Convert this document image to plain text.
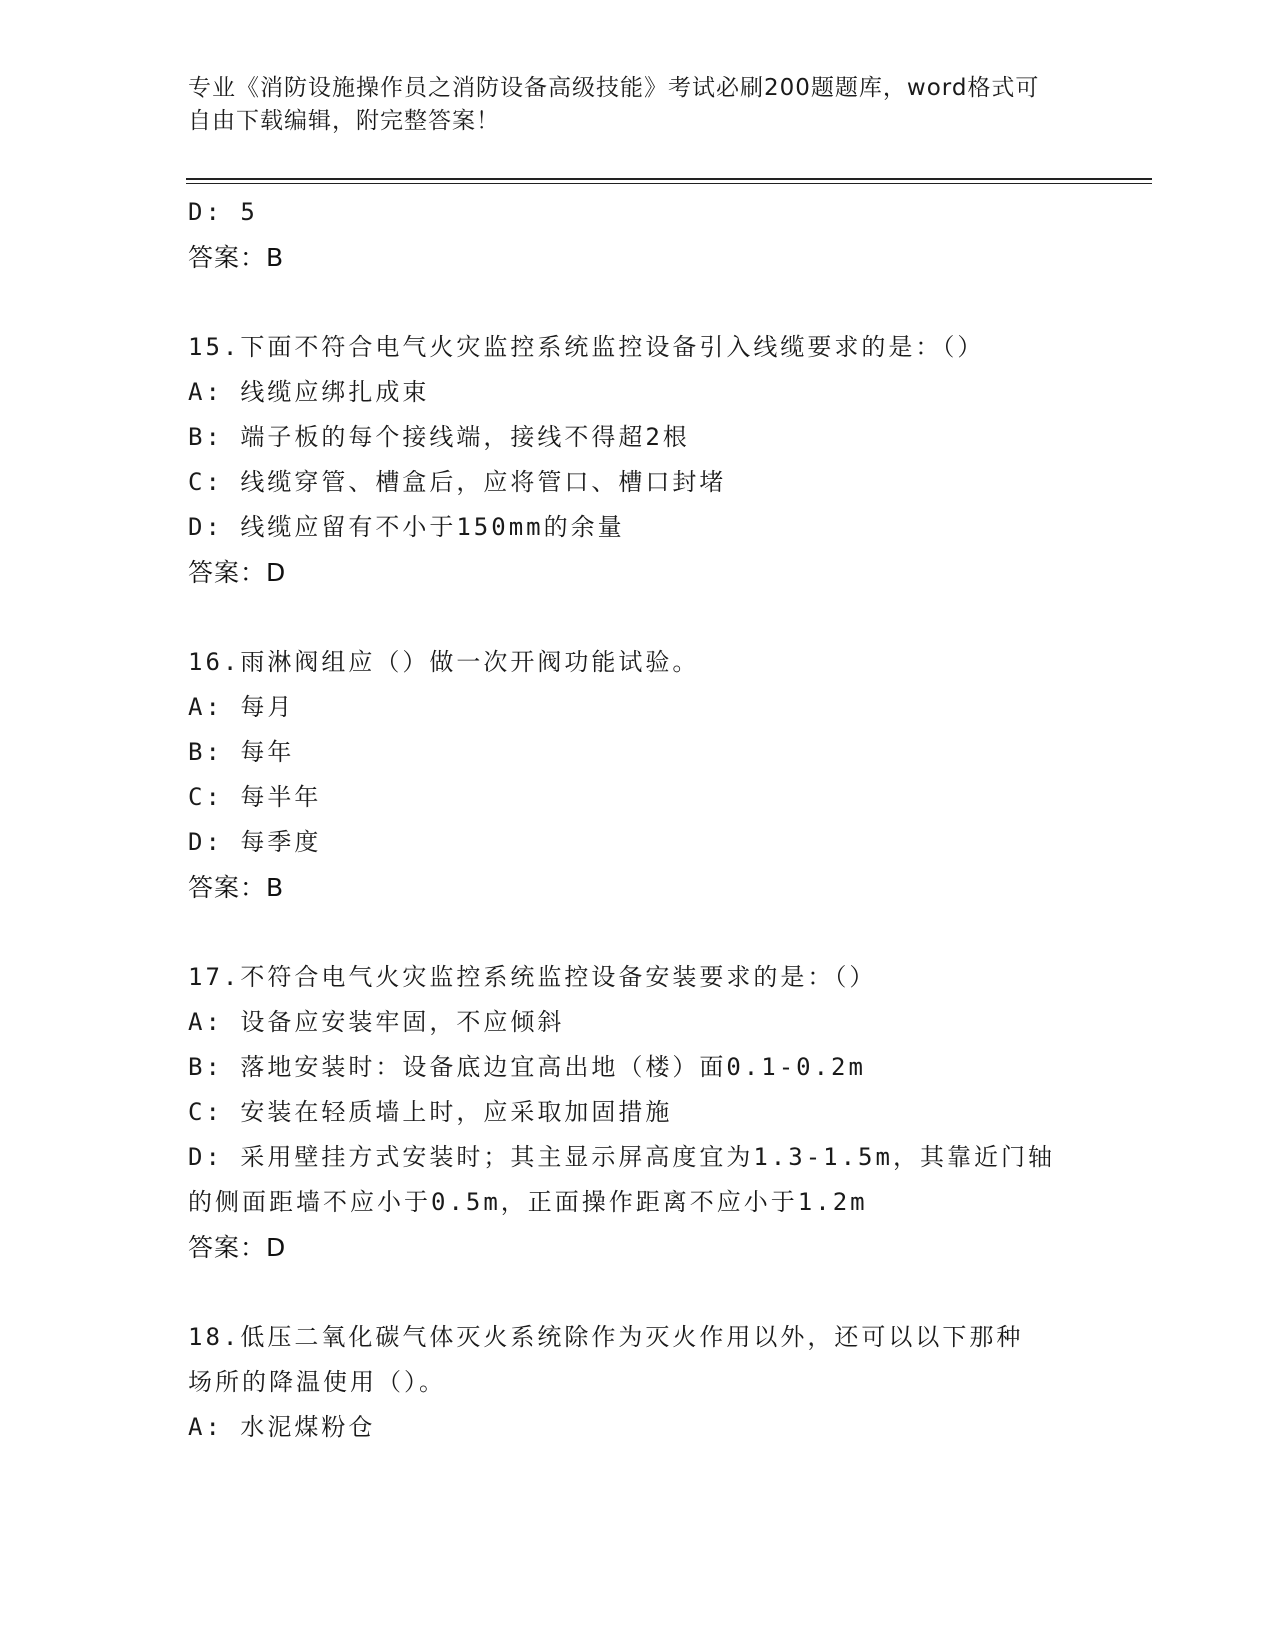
专业《消防设施操作员之消防设备高级技能》考试必刷200题题库，word格式可
自由下载编辑，附完整答案！
D: 5
答案：B
15.下面不符合电气火灾监控系统监控设备引入线缆要求的是：（）
A: 线缆应绑扎成束
B: 端子板的每个接线端，接线不得超2根
C: 线缆穿管、槽盒后，应将管口、槽口封堵
D: 线缆应留有不小于150mm的余量
答案：D
16.雨淋阀组应（）做一次开阀功能试验。
A: 每月
B: 每年
C: 每半年
D: 每季度
答案：B
17.不符合电气火灾监控系统监控设备安装要求的是：（）
A: 设备应安装牢固，不应倾斜
B: 落地安装时：设备底边宜高出地（楼）面0.1-0.2m
C: 安装在轻质墙上时，应采取加固措施
D: 采用壁挂方式安装时；其主显示屏高度宜为1.3-1.5m，其靠近门轴
的侧面距墙不应小于0.5m，正面操作距离不应小于1.2m
答案：D
18.低压二氧化碳气体灭火系统除作为灭火作用以外，还可以以下那种
场所的降温使用（）。
A: 水泥煤粉仓
